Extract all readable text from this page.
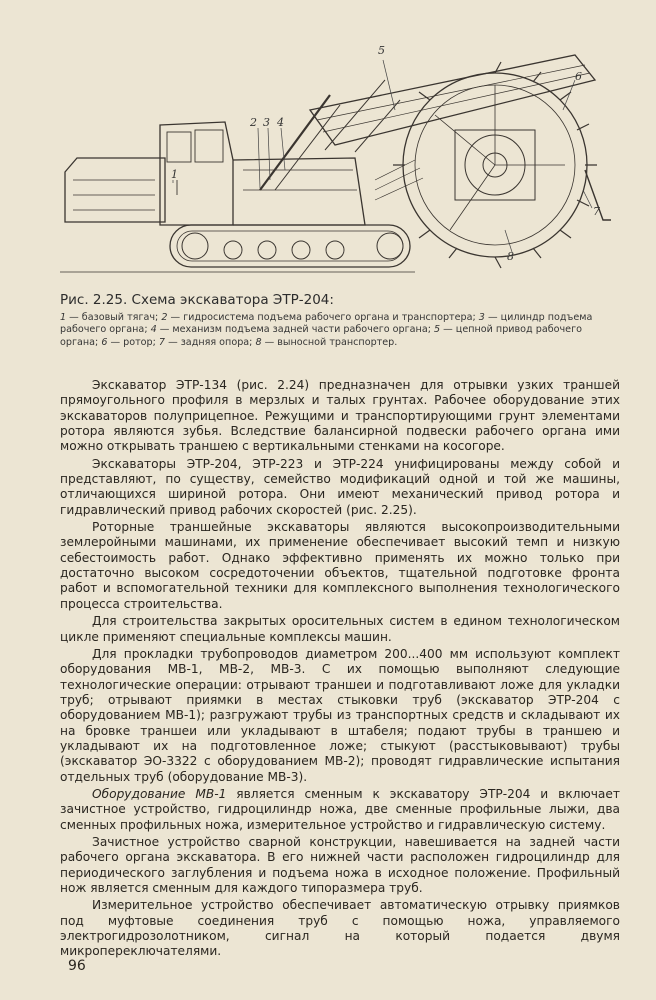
2 3 4
5
6
7
8
1
Рис. 2.25. Схема экскаватора ЭТР-204:
1 — базовый тягач; 2 — гидросистема подъема рабочего органа и транспортера; 3 — цилиндр подъема рабочего органа; 4 — механизм подъема задней части рабочего органа; 5 — цепной привод рабочего органа; 6 — ротор; 7 — задняя опора; 8 — выносной транспортер.

Экскаватор ЭТР-134 (рис. 2.24) предназначен для отрывки узких траншей прямоугольного профиля в мерзлых и талых грунтах. Рабочее оборудование этих экскаваторов полуприцепное. Режущими и транспортирующими грунт элементами ротора являются зубья. Вследствие балансирной подвески рабочего органа ими можно открывать траншею с вертикальными стенками на косогоре.

Экскаваторы ЭТР-204, ЭТР-223 и ЭТР-224 унифицированы между собой и представляют, по существу, семейство модификаций одной и той же машины, отличающихся шириной ротора. Они имеют механический привод ротора и гидравлический привод рабочих скоростей (рис. 2.25).

Роторные траншейные экскаваторы являются высокопроизводительными землеройными машинами, их применение обеспечивает высокий темп и низкую себестоимость работ. Однако эффективно применять их можно только при достаточно высоком сосредоточении объектов, тщательной подготовке фронта работ и вспомогательной техники для комплексного выполнения технологического процесса строительства.

Для строительства закрытых оросительных систем в едином технологическом цикле применяют специальные комплексы машин.

Для прокладки трубопроводов диаметром 200...400 мм используют комплект оборудования МВ-1, МВ-2, МВ-3. С их помощью выполняют следующие технологические операции: отрывают траншеи и подготавливают ложе для укладки труб; отрывают приямки в местах стыковки труб (экскаватор ЭТР-204 с оборудованием МВ-1); разгружают трубы из транспортных средств и складывают их на бровке траншеи или укладывают в штабеля; подают трубы в траншею и укладывают их на подготовленное ложе; стыкуют (расстыковывают) трубы (экскаватор ЭО-3322 с оборудованием МВ-2); проводят гидравлические испытания отдельных труб (оборудование МВ-3).

Оборудование МВ-1 является сменным к экскаватору ЭТР-204 и включает зачистное устройство, гидроцилиндр ножа, две сменные профильные лыжи, два сменных профильных ножа, измерительное устройство и гидравлическую систему.

Зачистное устройство сварной конструкции, навешивается на задней части рабочего органа экскаватора. В его нижней части расположен гидроцилиндр для периодического заглубления и подъема ножа в исходное положение. Профильный нож является сменным для каждого типоразмера труб.

Измерительное устройство обеспечивает автоматическую отрывку приямков под муфтовые соединения труб с помощью ножа, управляемого электрогидрозолотником, сигнал на который подается двумя микропереключателями.

96
